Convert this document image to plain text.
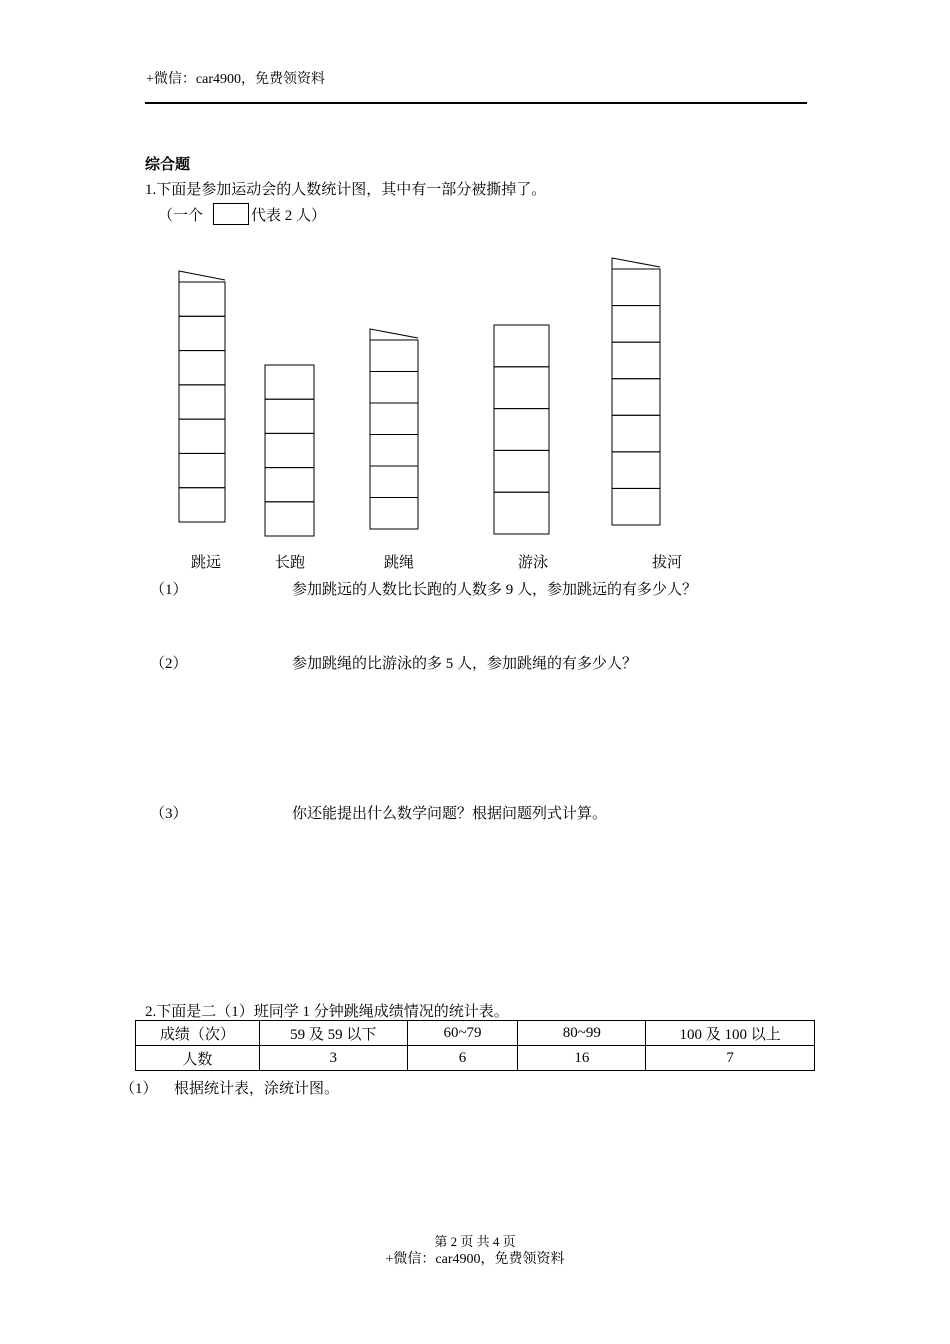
+微信：car4900，免费领资料
综合题
1.下面是参加运动会的人数统计图，其中有一部分被撕掉了。
（一个	代表 2 人）
跳远	长跑	跳绳	游泳	拔河
（1）	参加跳远的人数比长跑的人数多 9 人，参加跳远的有多少人？
（2）	参加跳绳的比游泳的多 5 人，参加跳绳的有多少人？
（3）	你还能提出什么数学问题？根据问题列式计算。
2.下面是二（1）班同学 1 分钟跳绳成绩情况的统计表。
成绩（次）	59 及 59 以下	60~79	80~99	100 及 100 以上
人数	3	6	16	7
（1） 根据统计表，涂统计图。
第 2 页 共 4 页
+微信：car4900，免费领资料
